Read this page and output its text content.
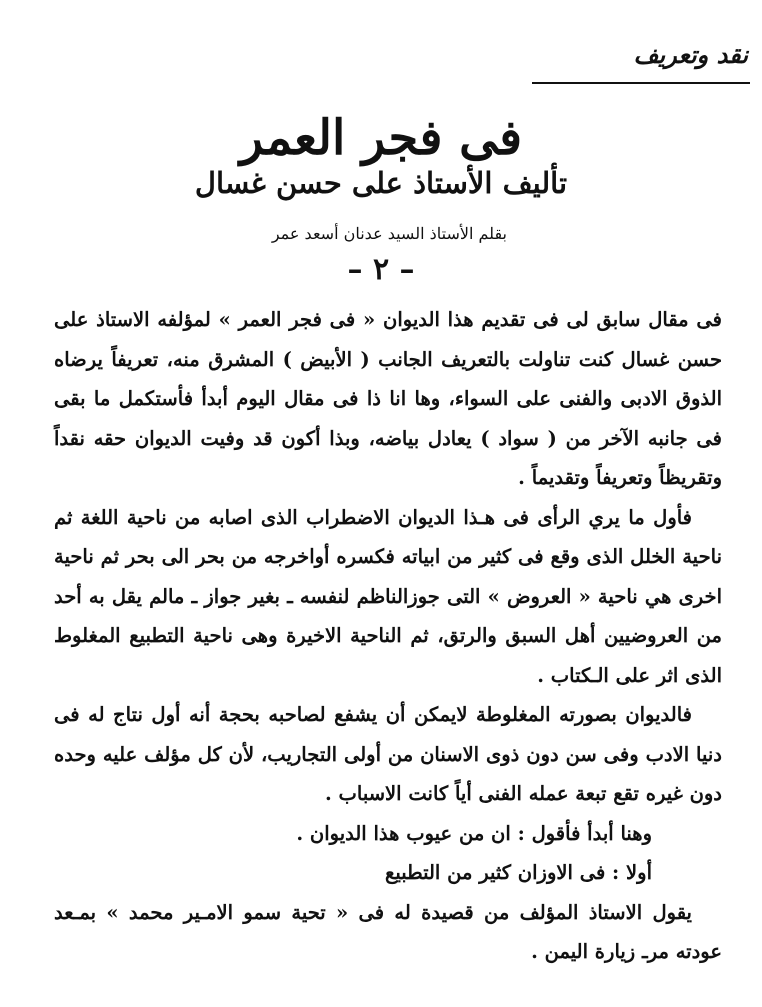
نقد وتعريف
فى فجر العمر
تأليف الأستاذ على حسن غسال
بقلم الأستاذ السيد عدنان أسعد عمر
– ٢ –

فى مقال سابق لى فى تقديم هذا الديوان « فى فجر العمر » لمؤلفه الاستاذ على حسن غسال كنت تناولت بالتعريف الجانب ( الأبيض ) المشرق منه، تعريفاً يرضاه الذوق الادبى والفنى على السواء، وها انا ذا فى مقال اليوم أبدأ فأستكمل ما بقى فى جانبه الآخر من ( سواد ) يعادل بياضه، وبذا أكون قد وفيت الديوان حقه نقداً وتقريظاً وتعريفاً وتقديماً .

فأول ما يري الرأى فى هـذا الديوان الاضطراب الذى اصابه من ناحية اللغة ثم ناحية الخلل الذى وقع فى كثير من ابياته فكسره أواخرجه من بحر الى بحر ثم ناحية اخرى هي ناحية « العروض » التى جوزالناظم لنفسه ـ بغير جواز ـ مالم يقل به أحد من العروضيين أهل السبق والرتق، ثم الناحية الاخيرة وهى ناحية التطبيع المغلوط الذى اثر على الـكتاب .

فالديوان بصورته المغلوطة لايمكن أن يشفع لصاحبه بحجة أنه أول نتاج له فى دنيا الادب وفى سن دون ذوى الاسنان من أولى التجاريب، لأن كل مؤلف عليه وحده دون غيره تقع تبعة عمله الفنى أياً كانت الاسباب .

وهنا أبدأ فأقول : ان من عيوب هذا الديوان .

أولا : فى الاوزان كثير من التطبيع

يقول الاستاذ المؤلف من قصيدة له فى « تحية سمو الامـير محمد » بمـعد عودته مرـ زيارة اليمن .
